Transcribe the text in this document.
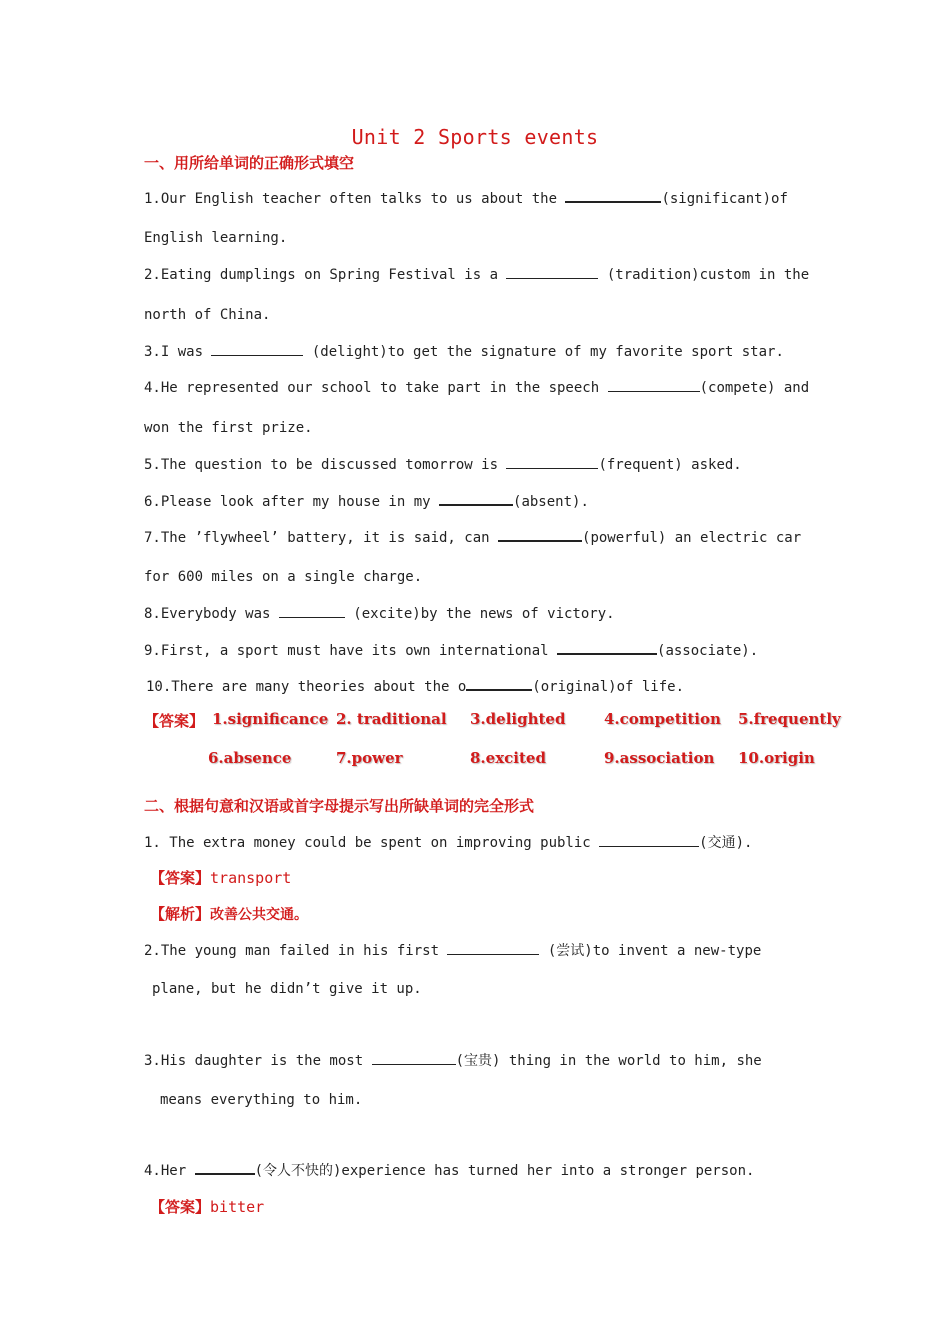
Unit 2 Sports events
一、用所给单词的正确形式填空
1.Our English teacher often talks to us about the	(significant)of
English learning.
2.Eating dumplings on Spring Festival is a	(tradition)custom in the
north of China.
3.I was	(delight)to get the signature of my favorite sport star.
4.He represented our school to take part in the speech	(compete) and
won the first prize.
5.The question to be discussed tomorrow is	(frequent) asked.
6.Please look after my house in my	(absent).
7.The ’flywheel’ battery, it is said, can	(powerful) an electric car
for 600 miles on a single charge.
8.Everybody was	(excite)by the news of victory.
9.First, a sport must have its own international	(associate).
10.There are many theories about the o	(original)of life.
【答案】 1.significance 2. traditional 3.delighted	4.competition 5.frequently
6.absence	7.power	8.excited	9.association 10.origin
二、根据句意和汉语或首字母提示写出所缺单词的完全形式
1. The extra money could be spent on improving public	(交通).
【答案】transport
【解析】改善公共交通。
2.The young man failed in his first	(尝试)to invent a new-type
plane, but he didn’t give it up.
3.His daughter is the most	(宝贵) thing in the world to him, she
means everything to him.
4.Her	(令人不快的)experience has turned her into a stronger person.
【答案】bitter
